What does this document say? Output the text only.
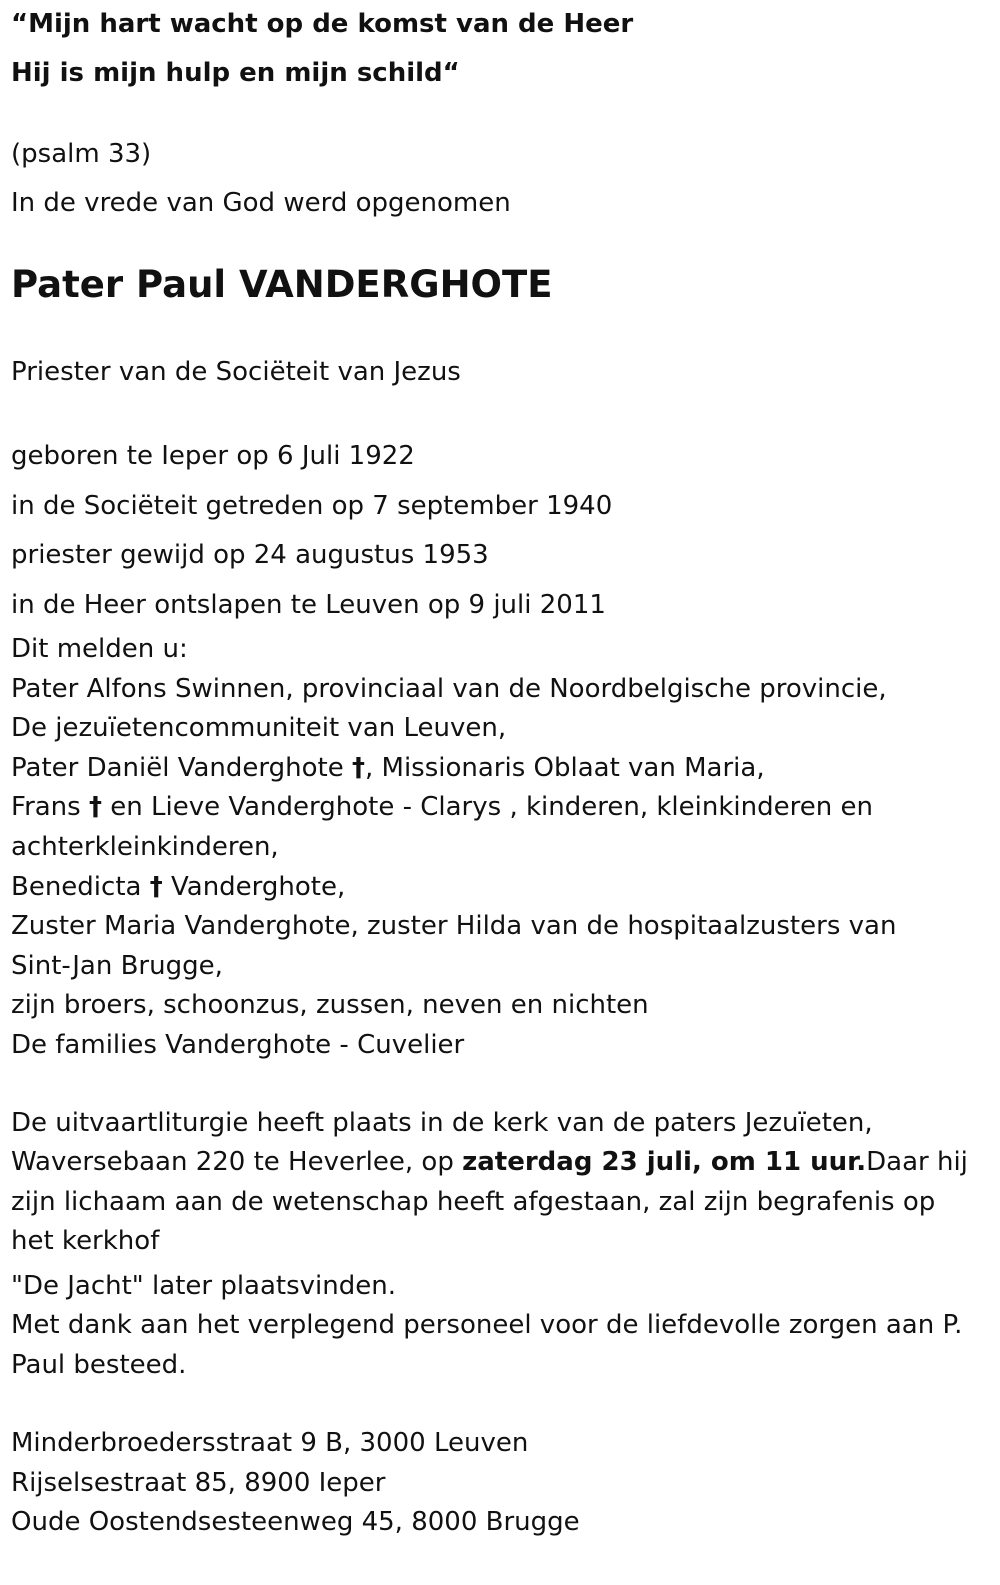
“Mijn hart wacht op de komst van de Heer

Hij is mijn hulp en mijn schild“

(psalm 33)

In de vrede van God werd opgenomen

Pater Paul VANDERGHOTE

Priester van de Sociëteit van Jezus

geboren te Ieper op 6 Juli 1922

in de Sociëteit getreden op 7 september 1940

priester gewijd op 24 augustus 1953

in de Heer ontslapen te Leuven op 9 juli 2011

Dit melden u:

Pater Alfons Swinnen, provinciaal van de Noordbelgische provincie,

De jezuïetencommuniteit van Leuven,

Pater Daniël Vanderghote †, Missionaris Oblaat van Maria,

Frans † en Lieve Vanderghote - Clarys , kinderen, kleinkinderen en

achterkleinkinderen,

Benedicta † Vanderghote,

Zuster Maria Vanderghote, zuster Hilda van de hospitaalzusters van

Sint-Jan Brugge,

zijn broers, schoonzus, zussen, neven en nichten

De families Vanderghote - Cuvelier

De uitvaartliturgie heeft plaats in de kerk van de paters Jezuïeten,

Waversebaan 220 te Heverlee, op zaterdag 23 juli, om 11 uur.Daar hij

zijn lichaam aan de wetenschap heeft afgestaan, zal zijn begrafenis op

het kerkhof

"De Jacht" later plaatsvinden.

Met dank aan het verplegend personeel voor de liefdevolle zorgen aan P.

Paul besteed.

Minderbroedersstraat 9 B, 3000 Leuven

Rijselsestraat 85, 8900 Ieper

Oude Oostendsesteenweg 45, 8000 Brugge
